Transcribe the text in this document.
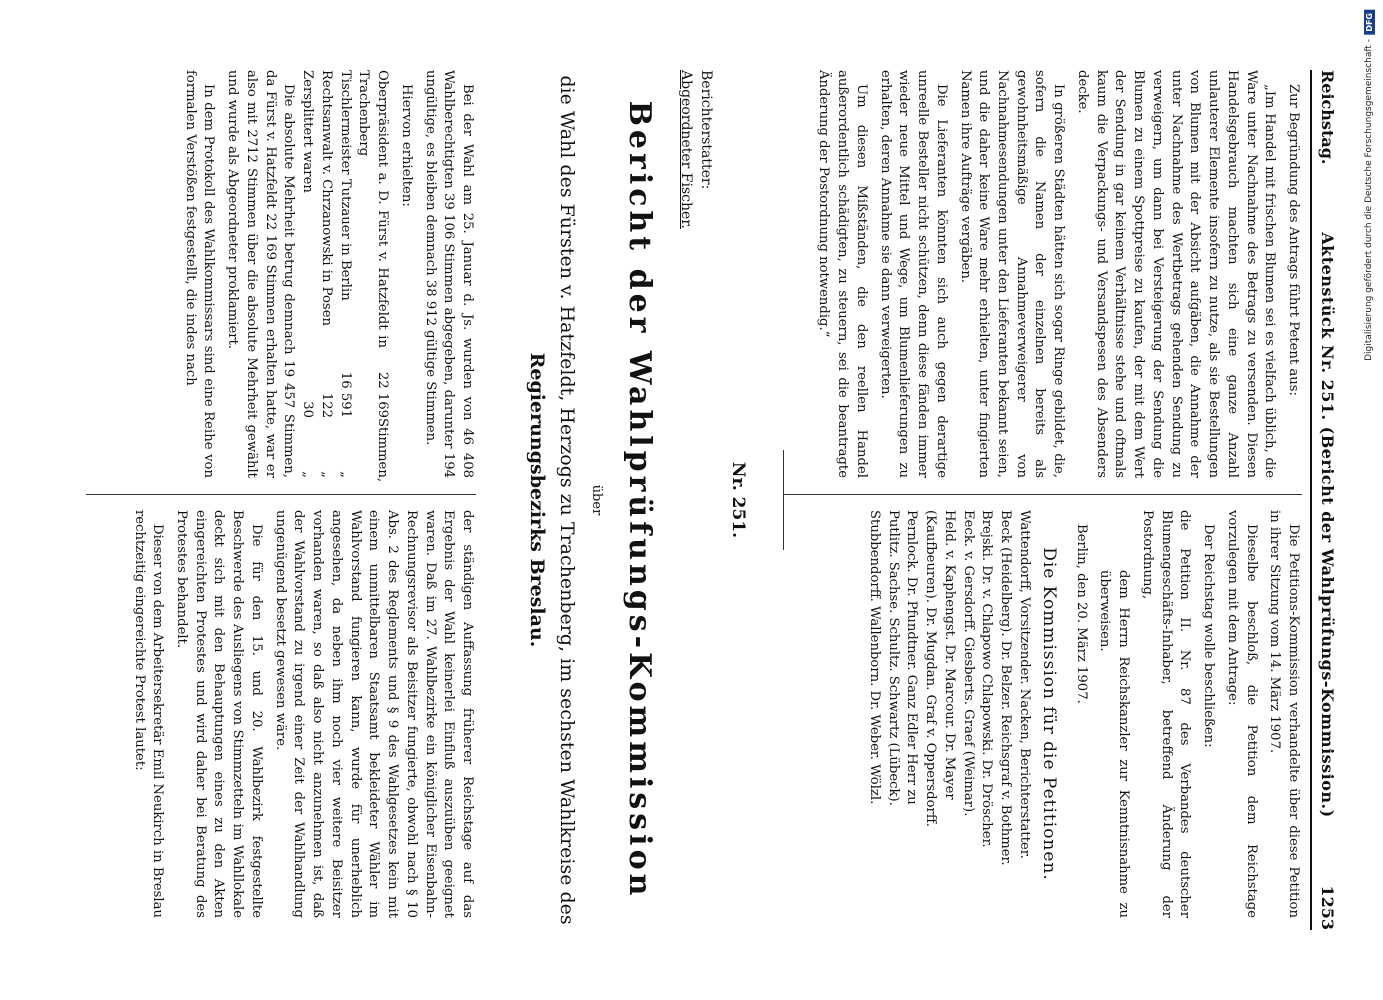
Reichstag.
Aktenstück Nr. 251. (Bericht der Wahlprüfungs-Kommission.)
1253

Zur Begründung des Antrags führt Petent aus:

„Im Handel mit frischen Blumen sei es vielfach üblich, die Ware unter Nachnahme des Betrags zu versenden. Diesen Handelsgebrauch machten sich eine ganze Anzahl unlauterer Elemente insofern zu nutze, als sie Bestellungen von Blumen mit der Absicht aufgäben, die Annahme der unter Nachnahme des Wertbetrags gehenden Sendung zu verweigern, um dann bei Versteigerung der Sendung die Blumen zu einem Spottpreise zu kaufen, der mit dem Wert der Sendung in gar keinem Verhältnisse stehe und oftmals kaum die Verpackungs- und Versandspesen des Absenders decke.

In größeren Städten hätten sich sogar Ringe gebildet, die, sofern die Namen der einzelnen bereits als gewohnheitsmäßige Annahmeverweigerer von Nachnahmesendungen unter den Lieferanten bekannt seien, und die daher keine Ware mehr erhielten, unter fingierten Namen ihre Aufträge vergäben.

Die Lieferanten könnten sich auch gegen derartige unreelle Besteller nicht schützen, denn diese fänden immer wieder neue Mittel und Wege, um Blumenlieferungen zu erhalten, deren Annahme sie dann verweigerten.

Um diesen Mißständen, die den reellen Handel außerordentlich schädigten, zu steuern, sei die beantragte Änderung der Postordnung notwendig.“

Die Petitions-Kommission verhandelte über diese Petition in ihrer Sitzung vom 14. März 1907.

Dieselbe beschloß, die Petition dem Reichstage vorzulegen mit dem Antrage:

Der Reichstag wolle beschließen:

die Petition II. Nr. 87 des Verbandes deutscher Blumengeschäfts-Inhaber, betreffend Änderung der Postordnung,

dem Herrn Reichskanzler zur Kenntnisnahme zu überweisen.

Berlin, den 20. März 1907.

Die Kommission für die Petitionen.

Wattendorff, Vorsitzender. Nacken, Berichterstatter.

Beck (Heidelberg). Dr. Belzer. Reichsgraf v. Bothmer.

Brejski. Dr. v. Chlapowo Chlapowski. Dr. Dröscher.

Eeck. v. Gersdorff. Giesberts. Graef (Weimar).

Held. v. Kaphengst. Dr. Marcour. Dr. Mayer

(Kaufbeuren). Dr. Mugdan. Graf v. Oppersdorff.

Pernlock. Dr. Pfundtner. Ganz Edler Herr zu

Putlitz. Sachse. Schultz. Schwartz (Lübeck).

Stubbendorff. Wallenborn. Dr. Weber. Wölzl.

Nr. 251.
Berichterstatter:
Abgeordneter Fischer.
Bericht der Wahlprüfungs-Kommission
über
die Wahl des Fürsten v. Hatzfeldt, Herzogs zu Trachenberg, im sechsten Wahlkreise des
Regierungsbezirks Breslau.

Bei der Wahl am 25. Januar d. Js. wurden von 46 408 Wahlberechtigten 39 106 Stimmen abgegeben, darunter 194 ungültige, es bleiben demnach 38 912 gültige Stimmen.

Hiervon erhielten:

Oberpräsident a. D. Fürst v. Hatzfeldt in Trachenberg
22 169
Stimmen,
Tischlermeister Tutzauer in Berlin
16 591
„
Rechtsanwalt v. Chrzanowski in Posen
122
„
Zersplittert waren
30
„

Die absolute Mehrheit betrug demnach 19 457 Stimmen, da Fürst v. Hatzfeldt 22 169 Stimmen erhalten hatte, war er also mit 2712 Stimmen über die absolute Mehrheit gewählt und wurde als Abgeordneter proklamiert.

In dem Protokoll des Wahlkommissars sind eine Reihe von formalen Verstößen festgestellt, die indes nach

der ständigen Auffassung früherer Reichstage auf das Ergebnis der Wahl keinerlei Einfluß auszuüben geeignet waren. Daß im 27. Wahlbezirke ein königlicher Eisenbahn-Rechnungsrevisor als Beisitzer fungierte, obwohl nach § 10 Abs. 2 des Reglements und § 9 des Wahlgesetzes kein mit einem unmittelbaren Staatsamt bekleideter Wähler im Wahlvorstand fungieren kann, wurde für unerheblich angesehen, da neben ihm noch vier weitere Beisitzer vorhanden waren, so daß also nicht anzunehmen ist, daß der Wahlvorstand zu irgend einer Zeit der Wahlhandlung ungenügend besetzt gewesen wäre.

Die für den 15. und 20. Wahlbezirk festgestellte Beschwerde des Ausliegens von Stimmzetteln im Wahllokale deckt sich mit den Behauptungen eines zu den Akten eingereichten Protestes und wird daher bei Beratung des Protestes behandelt.

Dieser von dem Arbeitersekretär Emil Neukirch in Breslau rechtzeitig eingereichte Protest lautet:

DFG
Digitalisierung gefördert durch die Deutsche Forschungsgemeinschaft -
